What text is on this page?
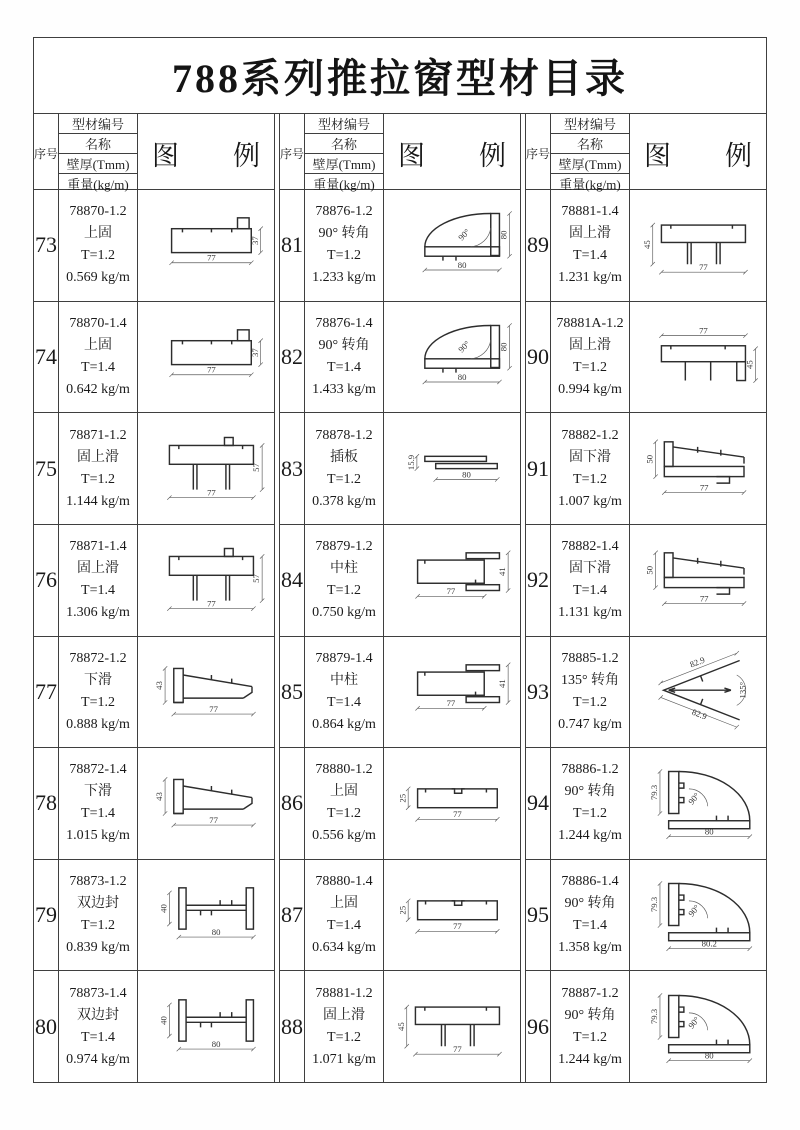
788系列推拉窗型材目录
序号
型材编号
名称
壁厚(Tmm)
重量(kg/m)
图        例
73
78870-1.2
上固
T=1.2
0.569 kg/m
77
37
74
78870-1.4
上固
T=1.4
0.642 kg/m
77
37
75
78871-1.2
固上滑
T=1.2
1.144 kg/m
77
57
76
78871-1.4
固上滑
T=1.4
1.306 kg/m
77
57
77
78872-1.2
下滑
T=1.2
0.888 kg/m
43
77
78
78872-1.4
下滑
T=1.4
1.015 kg/m
43
77
79
78873-1.2
双边封
T=1.2
0.839 kg/m
40
80
80
78873-1.4
双边封
T=1.4
0.974 kg/m
40
80
序号
型材编号
名称
壁厚(Tmm)
重量(kg/m)
图        例
81
78876-1.2
90° 转角
T=1.2
1.233 kg/m
90° 80
80
82
78876-1.4
90° 转角
T=1.4
1.433 kg/m
90° 80
80
83
78878-1.2
插板
T=1.2
0.378 kg/m
15.9
80
84
78879-1.2
中柱
T=1.2
0.750 kg/m
77
41
85
78879-1.4
中柱
T=1.4
0.864 kg/m
77
41
86
78880-1.2
上固
T=1.2
0.556 kg/m
25
77
87
78880-1.4
上固
T=1.4
0.634 kg/m
25
77
88
78881-1.2
固上滑
T=1.2
1.071 kg/m
45
77
序号
型材编号
名称
壁厚(Tmm)
重量(kg/m)
图        例
89
78881-1.4
固上滑
T=1.4
1.231 kg/m
45
77
90
78881A-1.2
固上滑
T=1.2
0.994 kg/m
77
45
91
78882-1.2
固下滑
T=1.2
1.007 kg/m
50
77
92
78882-1.4
固下滑
T=1.4
1.131 kg/m
50
77
93
78885-1.2
135° 转角
T=1.2
0.747 kg/m
135°
82.9
82.9
94
78886-1.2
90° 转角
T=1.2
1.244 kg/m
90°
79.3
80
95
78886-1.4
90° 转角
T=1.4
1.358 kg/m
90°
79.3
80.2
96
78887-1.2
90° 转角
T=1.2
1.244 kg/m
90°
79.3
80
